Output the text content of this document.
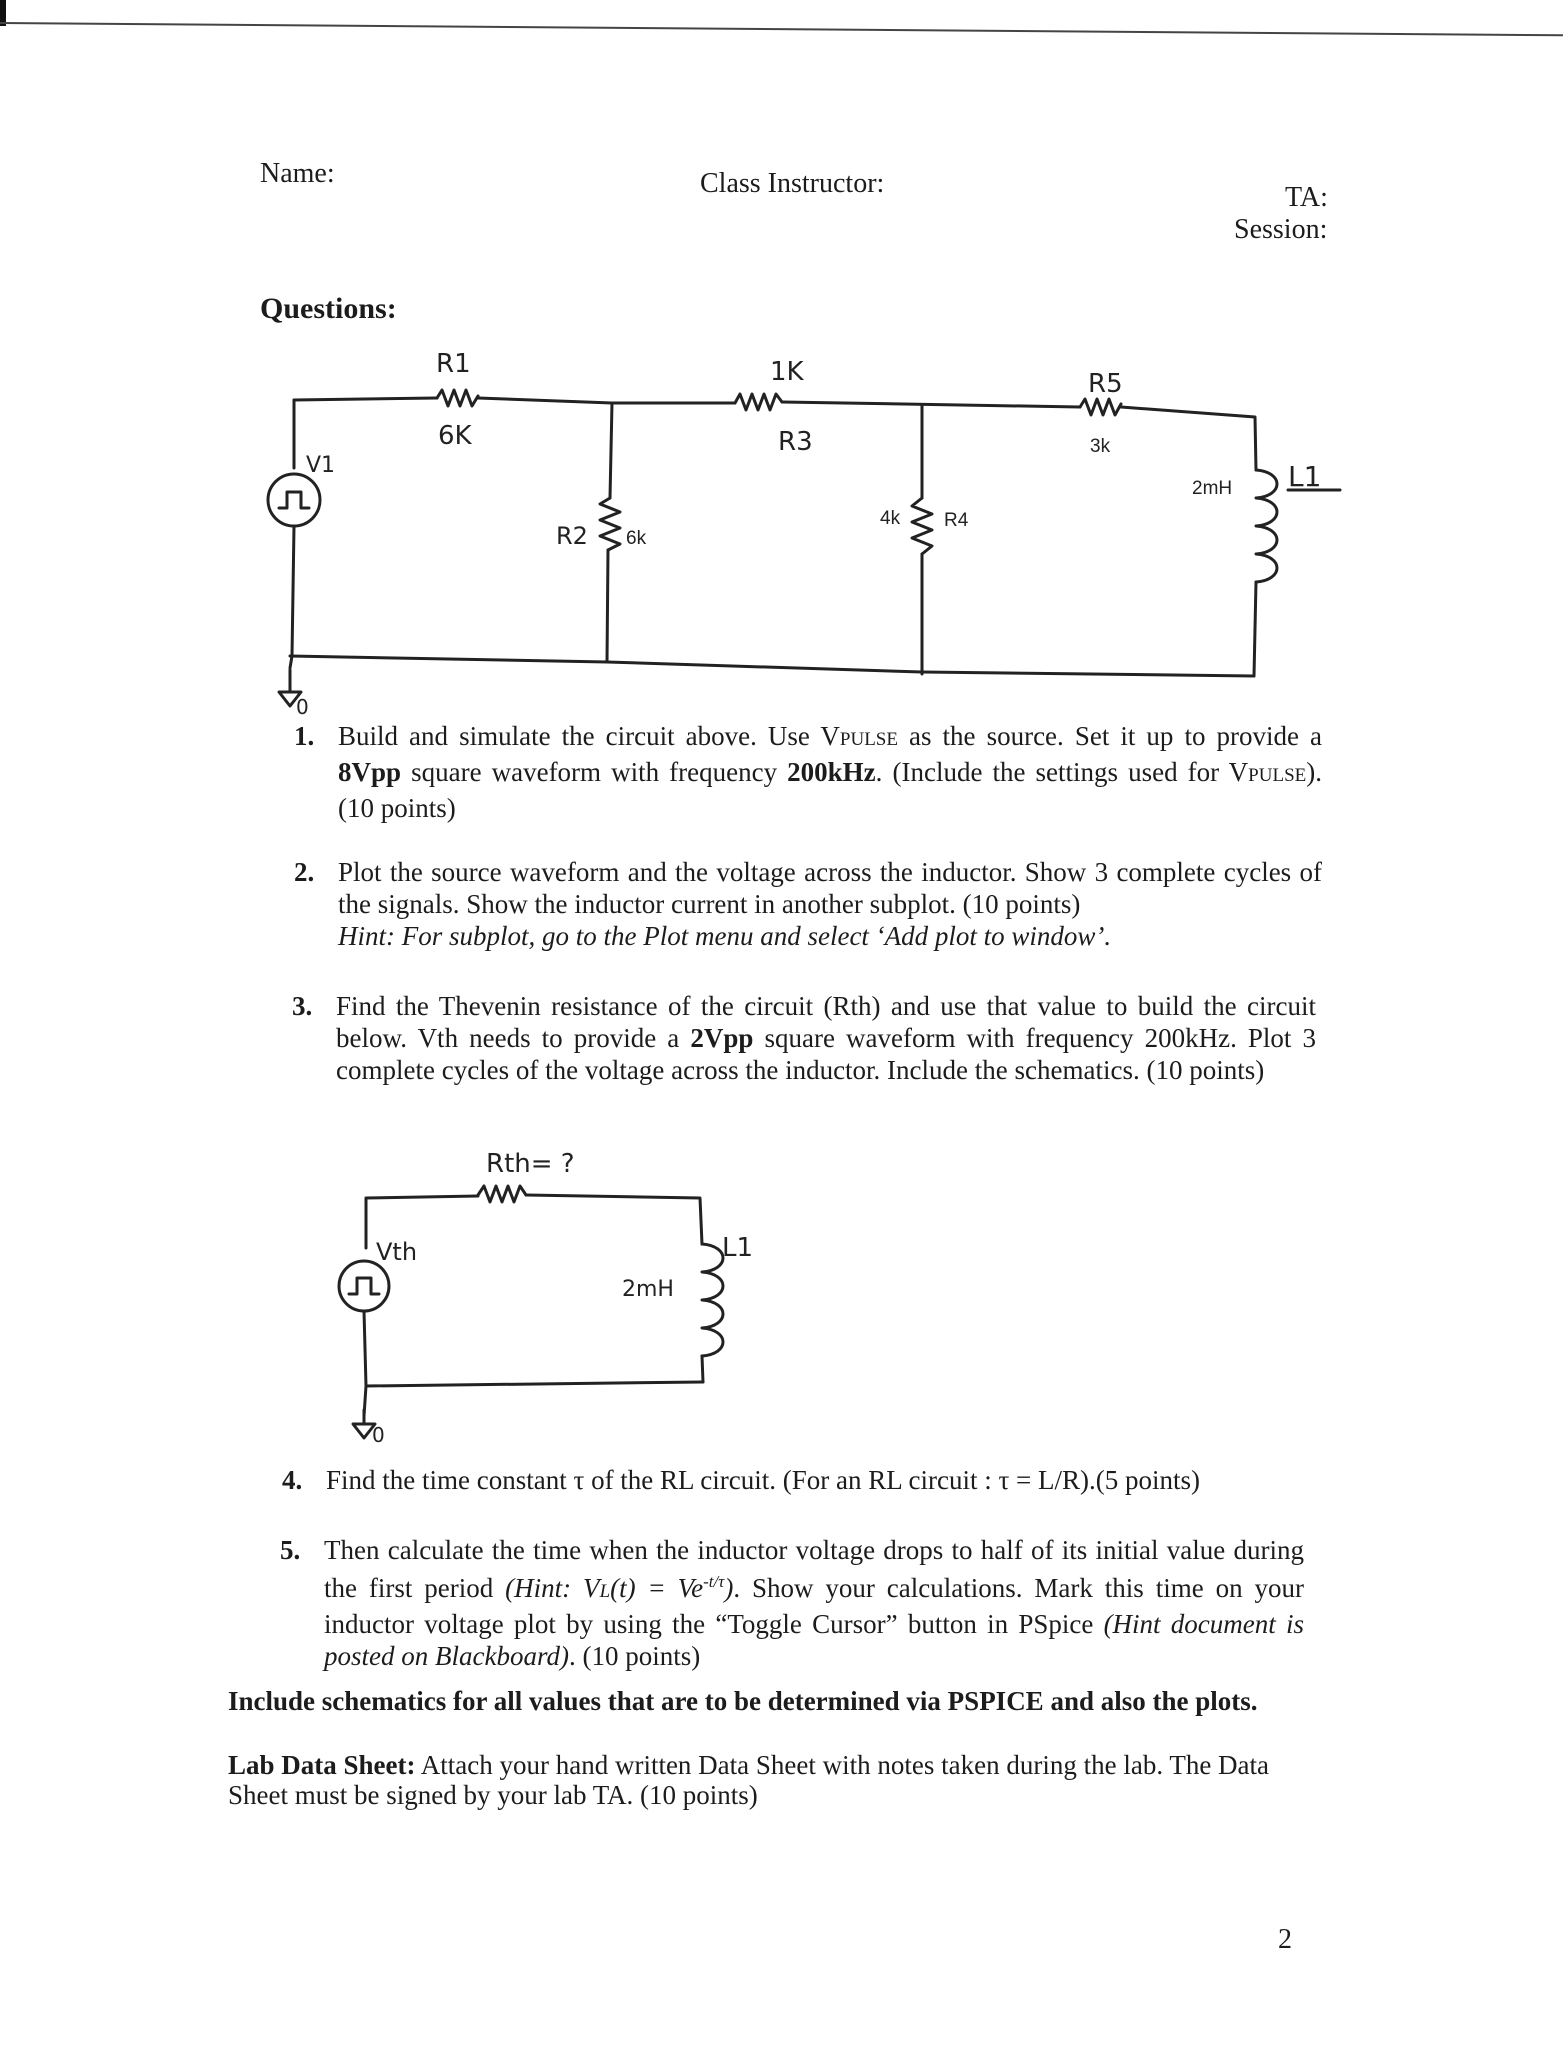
Name:	Class Instructor:	TA:
Session:
Questions:
V1
R1
6K
1K
R3
R5
3k
R2 6k
4k R4
2mH L1
0
1. Build and simulate the circuit above. Use VPULSE as the source. Set it up to provide a 8Vpp square waveform with frequency 200kHz. (Include the settings used for VPULSE). (10 points)

2. Plot the source waveform and the voltage across the inductor. Show 3 complete cycles of the signals. Show the inductor current in another subplot. (10 points)

Hint: For subplot, go to the Plot menu and select ‘Add plot to window’.

3. Find the Thevenin resistance of the circuit (Rth) and use that value to build the circuit below. Vth needs to provide a 2Vpp square waveform with frequency 200kHz. Plot 3 complete cycles of the voltage across the inductor. Include the schematics. (10 points)

Rth= ?
Vth
2mH
L1
0
4. Find the time constant τ of the RL circuit. (For an RL circuit : τ = L/R).(5 points)

5. Then calculate the time when the inductor voltage drops to half of its initial value during the first period (Hint: $VL(t) = Ve^{-t/\tau}$). Show your calculations. Mark this time on your inductor voltage plot by using the “Toggle Cursor” button in PSpice (Hint document is posted on Blackboard). (10 points)

Include schematics for all values that are to be determined via PSPICE and also the plots.
Lab Data Sheet: Attach your hand written Data Sheet with notes taken during the lab. The Data Sheet must be signed by your lab TA. (10 points)
2
